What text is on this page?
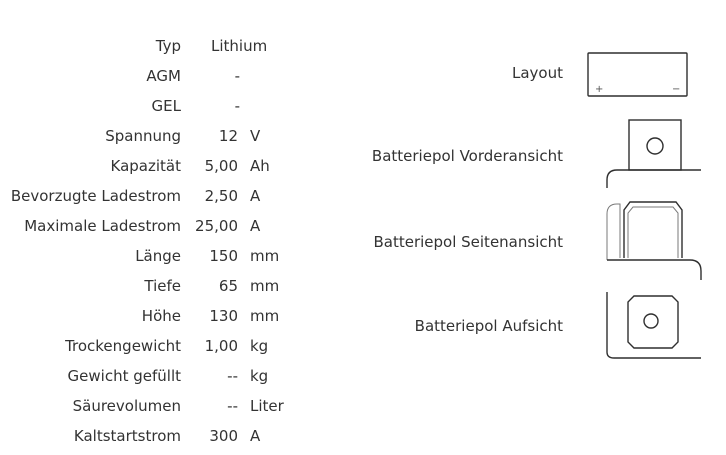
Typ Lithium
AGM	-
GEL	-
Spannung	12 V
Kapazität 5,00 Ah
Bevorzugte Ladestrom 2,50 A
Maximale Ladestrom 25,00 A
Länge 150 mm
Tiefe	65 mm
Höhe 130 mm
Trockengewicht 1,00 kg
Gewicht gefüllt	-- kg
Säurevolumen	-- Liter
Kaltstartstrom 300 A
Layout
+	−
Batteriepol Vorderansicht
Batteriepol Seitenansicht
Batteriepol Aufsicht
